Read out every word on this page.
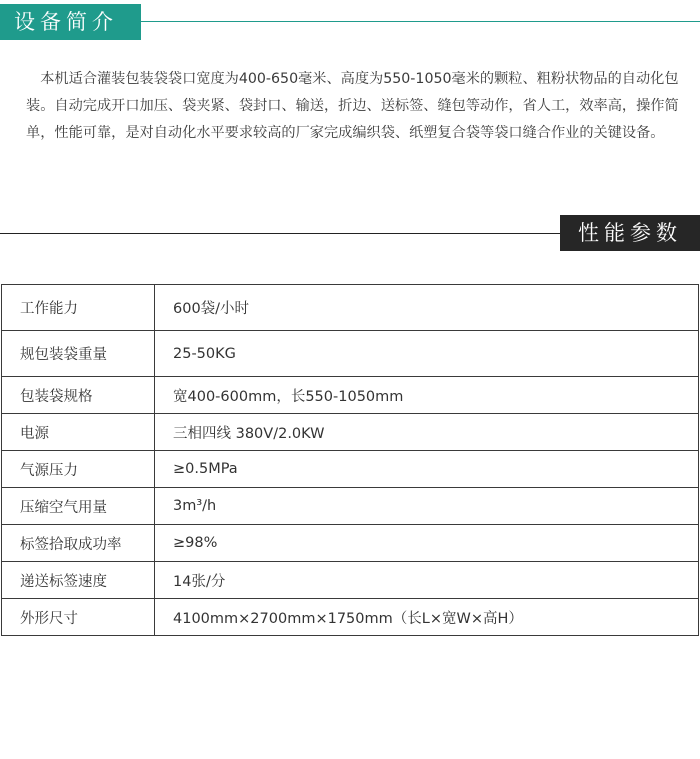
设备简介

本机适合灌装包装袋袋口宽度为400-650毫米、高度为550-1050毫米的颗粒、粗粉状物品的自动化包装。自动完成开口加压、袋夹紧、袋封口、输送，折边、送标签、缝包等动作，省人工，效率高，操作简单，性能可靠，是对自动化水平要求较高的厂家完成编织袋、纸塑复合袋等袋口缝合作业的关键设备。

性能参数
工作能力	600袋/小时
规包装袋重量	25-50KG
包装袋规格	宽400-600mm，长550-1050mm
电源	三相四线 380V/2.0KW
气源压力	≥0.5MPa
压缩空气用量	3m³/h
标签拾取成功率	≥98%
递送标签速度	14张/分
外形尺寸	4100mm×2700mm×1750mm（长L×宽W×高H）
